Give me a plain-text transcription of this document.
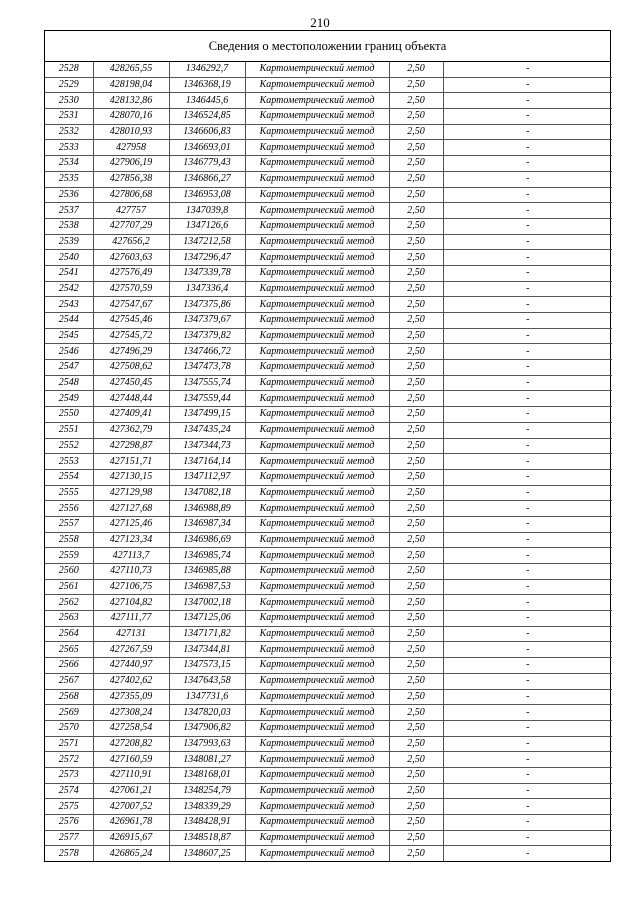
210
Сведения о местоположении границ объекта
2528	428265,55	1346292,7	Картометрический метод	2,50	-
2529	428198,04	1346368,19	Картометрический метод	2,50	-
2530	428132,86	1346445,6	Картометрический метод	2,50	-
2531	428070,16	1346524,85	Картометрический метод	2,50	-
2532	428010,93	1346606,83	Картометрический метод	2,50	-
2533	427958	1346693,01	Картометрический метод	2,50	-
2534	427906,19	1346779,43	Картометрический метод	2,50	-
2535	427856,38	1346866,27	Картометрический метод	2,50	-
2536	427806,68	1346953,08	Картометрический метод	2,50	-
2537	427757	1347039,8	Картометрический метод	2,50	-
2538	427707,29	1347126,6	Картометрический метод	2,50	-
2539	427656,2	1347212,58	Картометрический метод	2,50	-
2540	427603,63	1347296,47	Картометрический метод	2,50	-
2541	427576,49	1347339,78	Картометрический метод	2,50	-
2542	427570,59	1347336,4	Картометрический метод	2,50	-
2543	427547,67	1347375,86	Картометрический метод	2,50	-
2544	427545,46	1347379,67	Картометрический метод	2,50	-
2545	427545,72	1347379,82	Картометрический метод	2,50	-
2546	427496,29	1347466,72	Картометрический метод	2,50	-
2547	427508,62	1347473,78	Картометрический метод	2,50	-
2548	427450,45	1347555,74	Картометрический метод	2,50	-
2549	427448,44	1347559,44	Картометрический метод	2,50	-
2550	427409,41	1347499,15	Картометрический метод	2,50	-
2551	427362,79	1347435,24	Картометрический метод	2,50	-
2552	427298,87	1347344,73	Картометрический метод	2,50	-
2553	427151,71	1347164,14	Картометрический метод	2,50	-
2554	427130,15	1347112,97	Картометрический метод	2,50	-
2555	427129,98	1347082,18	Картометрический метод	2,50	-
2556	427127,68	1346988,89	Картометрический метод	2,50	-
2557	427125,46	1346987,34	Картометрический метод	2,50	-
2558	427123,34	1346986,69	Картометрический метод	2,50	-
2559	427113,7	1346985,74	Картометрический метод	2,50	-
2560	427110,73	1346985,88	Картометрический метод	2,50	-
2561	427106,75	1346987,53	Картометрический метод	2,50	-
2562	427104,82	1347002,18	Картометрический метод	2,50	-
2563	427111,77	1347125,06	Картометрический метод	2,50	-
2564	427131	1347171,82	Картометрический метод	2,50	-
2565	427267,59	1347344,81	Картометрический метод	2,50	-
2566	427440,97	1347573,15	Картометрический метод	2,50	-
2567	427402,62	1347643,58	Картометрический метод	2,50	-
2568	427355,09	1347731,6	Картометрический метод	2,50	-
2569	427308,24	1347820,03	Картометрический метод	2,50	-
2570	427258,54	1347906,82	Картометрический метод	2,50	-
2571	427208,82	1347993,63	Картометрический метод	2,50	-
2572	427160,59	1348081,27	Картометрический метод	2,50	-
2573	427110,91	1348168,01	Картометрический метод	2,50	-
2574	427061,21	1348254,79	Картометрический метод	2,50	-
2575	427007,52	1348339,29	Картометрический метод	2,50	-
2576	426961,78	1348428,91	Картометрический метод	2,50	-
2577	426915,67	1348518,87	Картометрический метод	2,50	-
2578	426865,24	1348607,25	Картометрический метод	2,50	-
